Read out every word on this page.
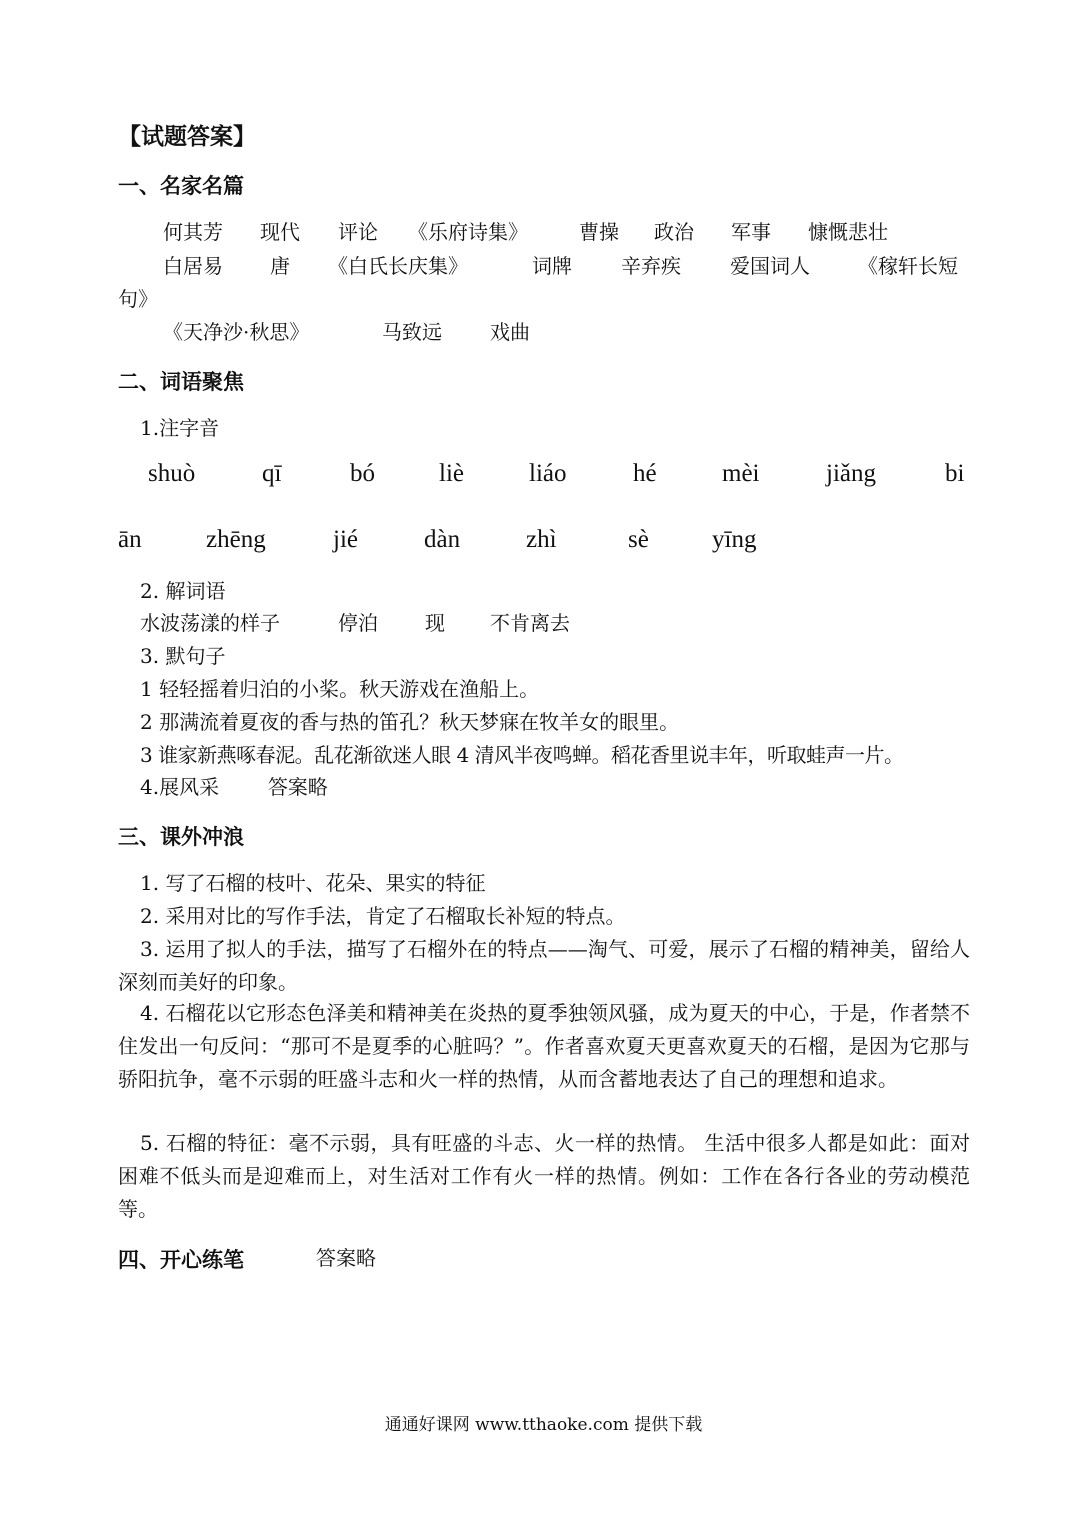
【试题答案】
一、名家名篇
何其芳 现代 评论 《乐府诗集》	曹操 政治 军事 慷慨悲壮
白居易 唐 《白氏长庆集》	词牌 辛弃疾 爱国词人 《稼轩长短
句》
《天净沙·秋思》	马致远 戏曲
二、词语聚焦
1.注字音
shuò	qī	bó	liè	liáo	hé	mèi	jiǎng	bi
ān	zhēng	jié	dàn	zhì	sè	yīng
2. 解词语
水波荡漾的样子	停泊 现 不肯离去
3. 默句子
1 轻轻摇着归泊的小桨。秋天游戏在渔船上。
2 那满流着夏夜的香与热的笛孔？秋天梦寐在牧羊女的眼里。
3 谁家新燕啄春泥。乱花渐欲迷人眼 4 清风半夜鸣蝉。稻花香里说丰年，听取蛙声一片。
4.展风采 答案略
三、课外冲浪
1. 写了石榴的枝叶、花朵、果实的特征
2. 采用对比的写作手法，肯定了石榴取长补短的特点。
3. 运用了拟人的手法，描写了石榴外在的特点——淘气、可爱，展示了石榴的精神美，留给人深刻而美好的印象。
4. 石榴花以它形态色泽美和精神美在炎热的夏季独领风骚，成为夏天的中心，于是，作者禁不住发出一句反问：“那可不是夏季的心脏吗？”。作者喜欢夏天更喜欢夏天的石榴，是因为它那与骄阳抗争，毫不示弱的旺盛斗志和火一样的热情，从而含蓄地表达了自己的理想和追求。
5. 石榴的特征：毫不示弱，具有旺盛的斗志、火一样的热情。 生活中很多人都是如此：面对困难不低头而是迎难而上，对生活对工作有火一样的热情。例如：工作在各行各业的劳动模范等。
四、开心练笔	答案略
通通好课网 www.tthaoke.com 提供下载
